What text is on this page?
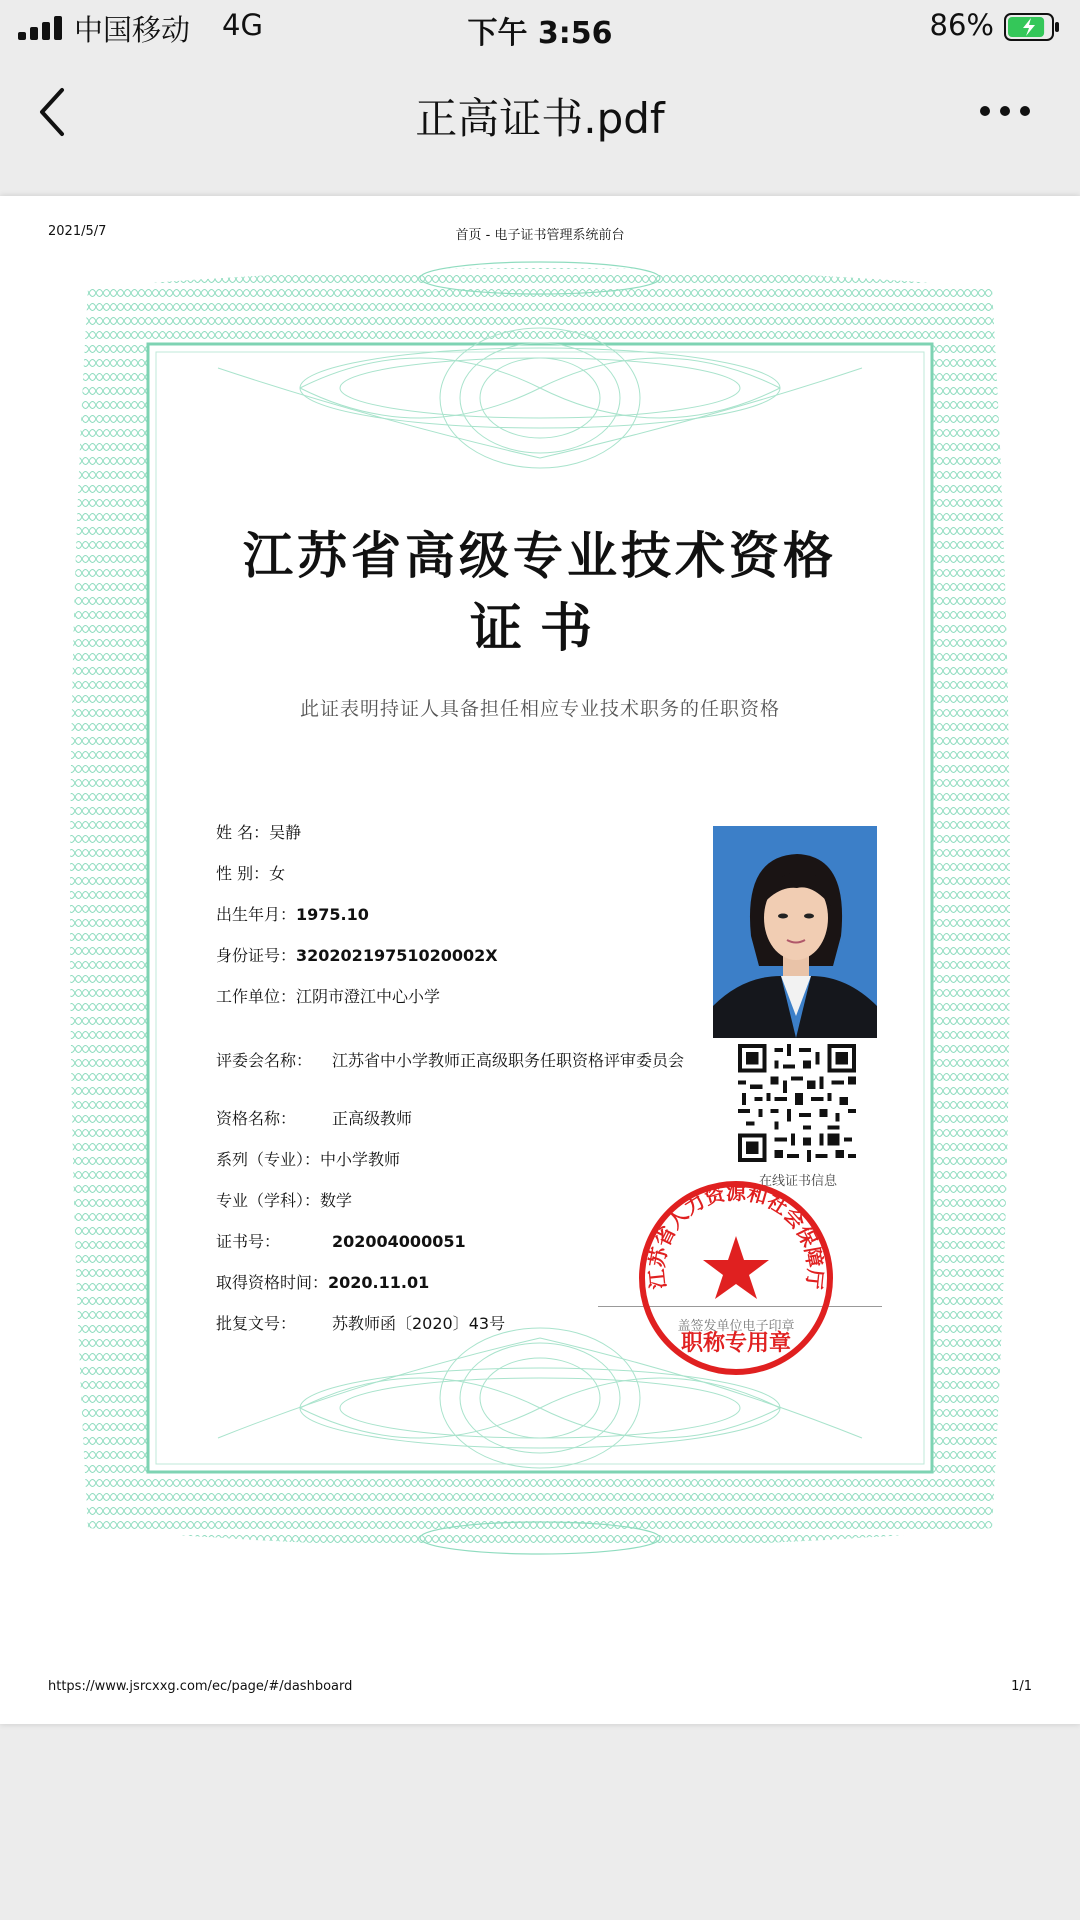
中国移动 4G	下午 3:56	86%
正高证书.pdf
2021/5/7	首页 - 电子证书管理系统前台
江苏省高级专业技术资格
证书
此证表明持证人具备担任相应专业技术职务的任职资格
姓 名：吴静
性 别：女
出生年月：1975.10
身份证号：32020219751020002X
工作单位：江阴市澄江中心小学
评委会名称： 江苏省中小学教师正高级职务任职资格评审委员会
资格名称： 正高级教师
系列（专业）：中小学教师
专业（学科）：数学
证书号：	202004000051
取得资格时间：2020.11.01
批复文号： 苏教师函〔2020〕43号
在线证书信息
江苏省人力资源和社会保障厅
盖签发单位电子印章
职称专用章
https://www.jsrcxxg.com/ec/page/#/dashboard	1/1
